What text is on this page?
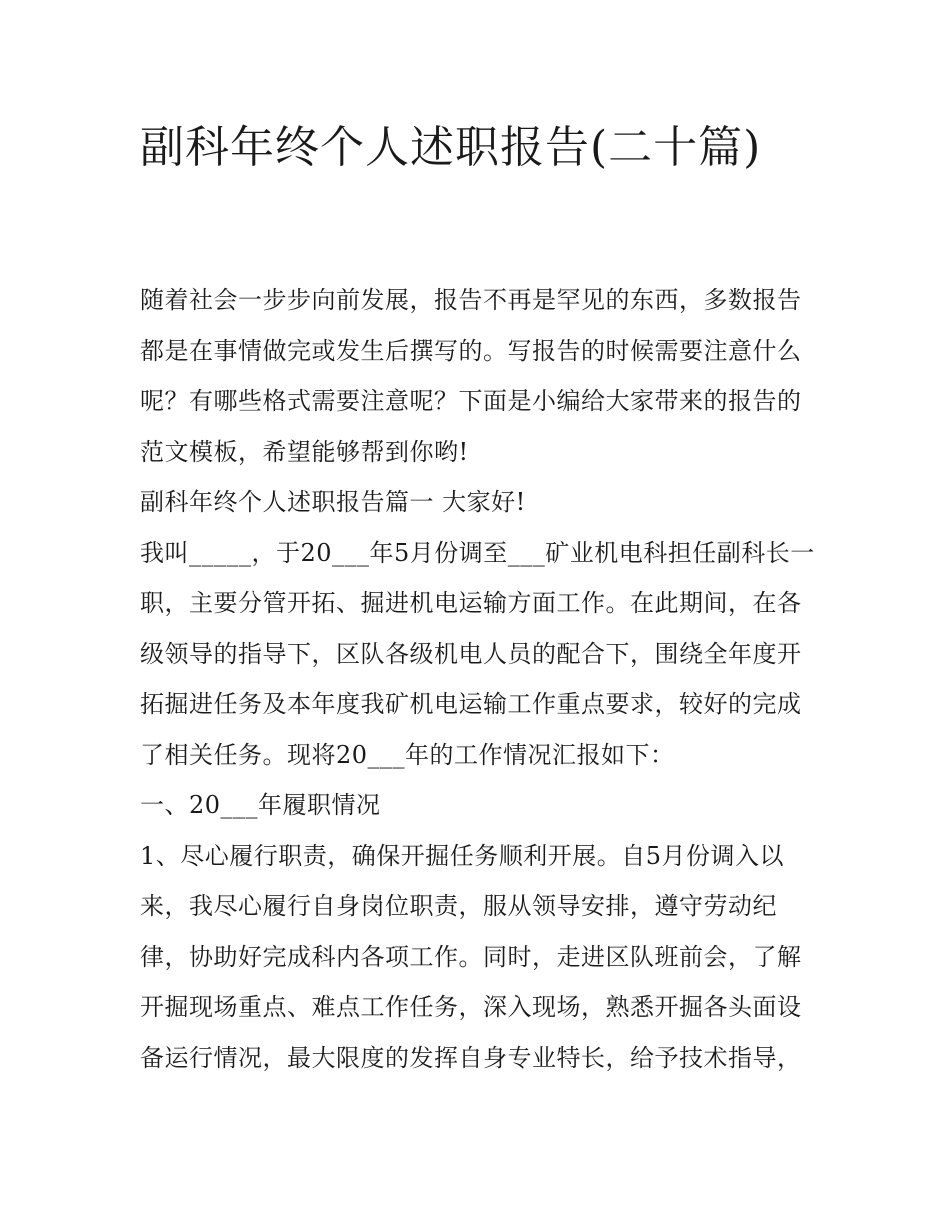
副科年终个人述职报告(二十篇)

随着社会一步步向前发展，报告不再是罕见的东西，多数报告都是在事情做完或发生后撰写的。写报告的时候需要注意什么呢？有哪些格式需要注意呢？下面是小编给大家带来的报告的范文模板，希望能够帮到你哟!

副科年终个人述职报告篇一 大家好!

我叫_____，于20___年5月份调至___矿业机电科担任副科长一职，主要分管开拓、掘进机电运输方面工作。在此期间，在各级领导的指导下，区队各级机电人员的配合下，围绕全年度开拓掘进任务及本年度我矿机电运输工作重点要求，较好的完成了相关任务。现将20___年的工作情况汇报如下：

一、20___年履职情况

1、尽心履行职责，确保开掘任务顺利开展。自5月份调入以来，我尽心履行自身岗位职责，服从领导安排，遵守劳动纪律，协助好完成科内各项工作。同时，走进区队班前会，了解开掘现场重点、难点工作任务，深入现场，熟悉开掘各头面设备运行情况，最大限度的发挥自身专业特长，给予技术指导，
